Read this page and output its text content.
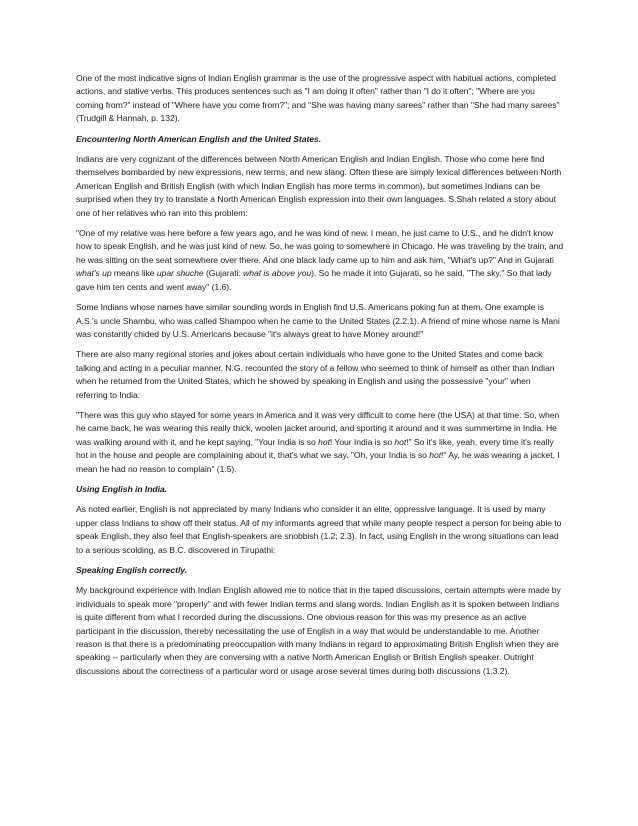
One of the most indicative signs of Indian English grammar is the use of the progressive aspect with habitual actions, completed actions, and stative verbs. This produces sentences such as "I am doing it often" rather than "I do it often"; "Where are you coming from?" instead of "Where have you come from?"; and "She was having many sarees" rather than "She had many sarees" (Trudgill & Hannah, p. 132).

Encountering North American English and the United States.

Indians are very cognizant of the differences between North American English and Indian English. Those who come here find themselves bombarded by new expressions, new terms, and new slang. Often these are simply lexical differences between North American English and British English (with which Indian English has more terms in common), but sometimes Indians can be surprised when they try to translate a North American English expression into their own languages. S.Shah related a story about one of her relatives who ran into this problem:

"One of my relative was here before a few years ago, and he was kind of new. I mean, he just came to U.S., and he didn't know how to speak English, and he was just kind of new. So, he was going to somewhere in Chicago. He was traveling by the train, and he was sitting on the seat somewhere over there. And one black lady came up to him and ask him, "What's up?" And in Gujarati what's up means like upar shuche (Gujarati: what is above you). So he made it into Gujarati, so he said, "The sky." So that lady gave him ten cents and went away" (1.6).

Some Indians whose names have similar sounding words in English find U.S. Americans poking fun at them. One example is A.S.'s uncle Shambu, who was called Shampoo when he came to the United States (2.2.1). A friend of mine whose name is Mani was constantly chided by U.S. Americans because "it's always great to have Money around!"

There are also many regional stories and jokes about certain individuals who have gone to the United States and come back talking and acting in a peculiar manner. N.G. recounted the story of a fellow who seemed to think of himself as other than Indian when he returned from the United States, which he showed by speaking in English and using the possessive "your" when referring to India:

"There was this guy who stayed for some years in America and it was very difficult to come here (the USA) at that time. So, when he came back, he was wearing this really thick, woolen jacket around, and sporting it around and it was summertime in India. He was walking around with it, and he kept saying, "Your India is so hot! Your India is so hot!" So it's like, yeah, every time it's really hot in the house and people are complaining about it, that's what we say. "Oh, your India is so hot!" Ay, he was wearing a jacket, I mean he had no reason to complain" (1.5).

Using English in India.

As noted earlier, English is not appreciated by many Indians who consider it an elite, oppressive language. It is used by many upper class Indians to show off their status. All of my informants agreed that while many people respect a person for being able to speak English, they also feel that English-speakers are snobbish (1.2; 2.3). In fact, using English in the wrong situations can lead to a serious scolding, as B.C. discovered in Tirupathi:

Speaking English correctly.

My background experience with Indian English allowed me to notice that in the taped discussions, certain attempts were made by individuals to speak more "properly" and with fewer Indian terms and slang words. Indian English as it is spoken between Indians is quite different from what I recorded during the discussions. One obvious reason for this was my presence as an active participant in the discussion, thereby necessitating the use of English in a way that would be understandable to me. Another reason is that there is a predominating preoccupation with many Indians in regard to approximating British English when they are speaking -- particularly when they are conversing with a native North American English or British English speaker. Outright discussions about the correctness of a particular word or usage arose several times during both discussions (1.3.2).
